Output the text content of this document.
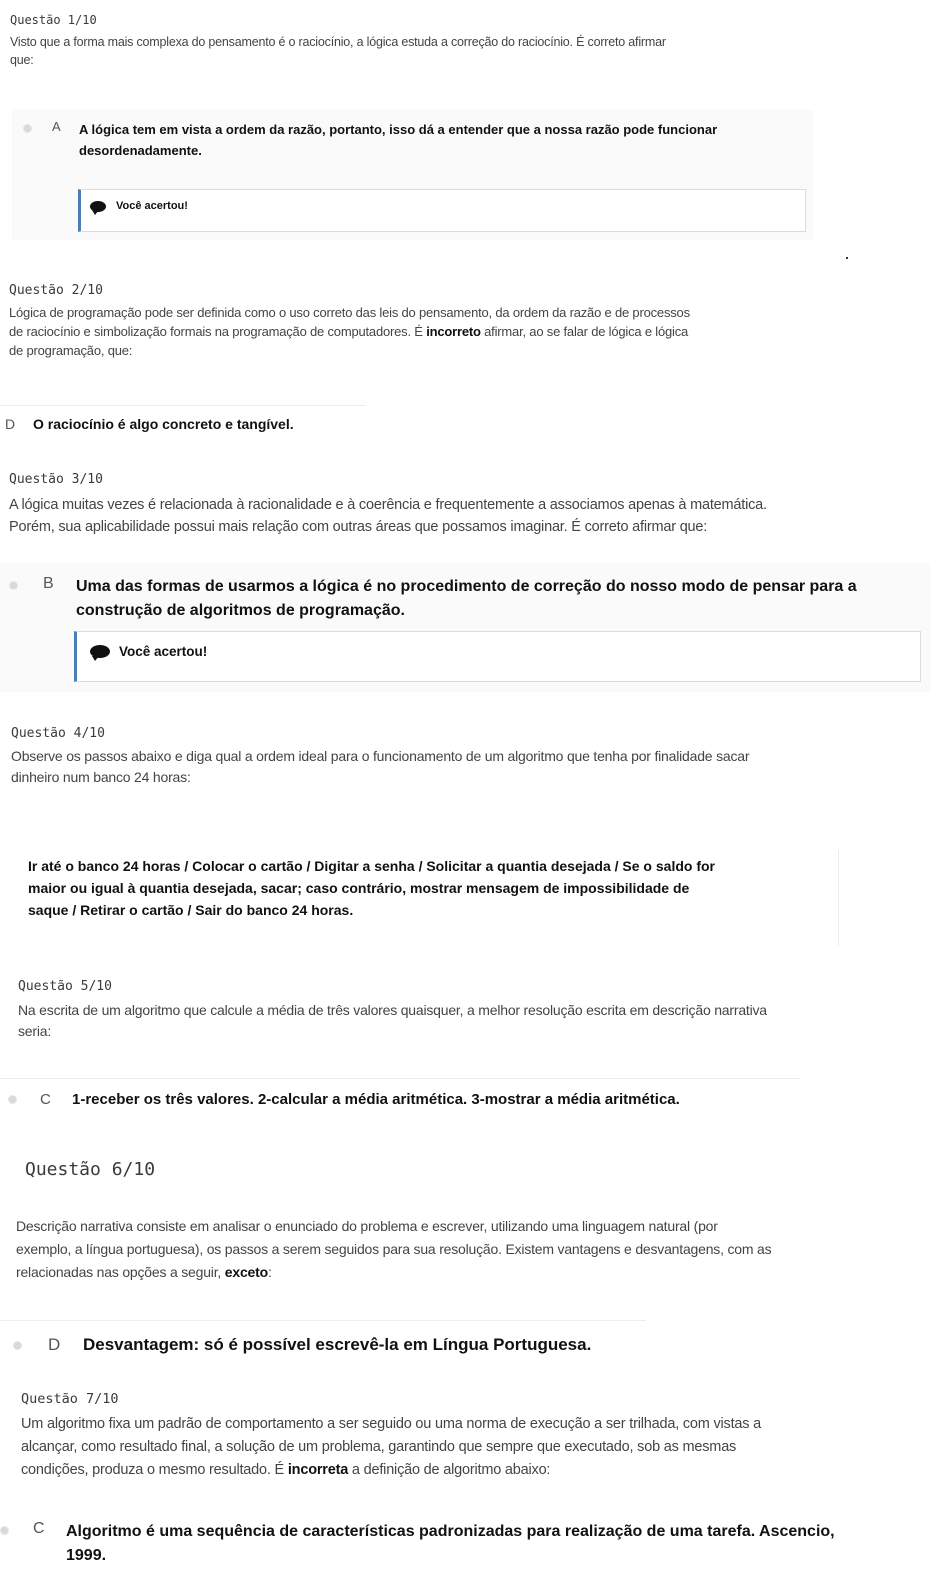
Questão 1/10
Visto que a forma mais complexa do pensamento é o raciocínio, a lógica estuda a correção do raciocínio. É correto afirmar
que:
A A lógica tem em vista a ordem da razão, portanto, isso dá a entender que a nossa razão pode funcionar
desordenadamente.
Você acertou!
Questão 2/10
Lógica de programação pode ser definida como o uso correto das leis do pensamento, da ordem da razão e de processos
de raciocínio e simbolização formais na programação de computadores. É incorreto afirmar, ao se falar de lógica e lógica
de programação, que:
D O raciocínio é algo concreto e tangível.
Questão 3/10
A lógica muitas vezes é relacionada à racionalidade e à coerência e frequentemente a associamos apenas à matemática.
Porém, sua aplicabilidade possui mais relação com outras áreas que possamos imaginar. É correto afirmar que:
B Uma das formas de usarmos a lógica é no procedimento de correção do nosso modo de pensar para a
construção de algoritmos de programação.
Você acertou!
Questão 4/10
Observe os passos abaixo e diga qual a ordem ideal para o funcionamento de um algoritmo que tenha por finalidade sacar
dinheiro num banco 24 horas:
Ir até o banco 24 horas / Colocar o cartão / Digitar a senha / Solicitar a quantia desejada / Se o saldo for
maior ou igual à quantia desejada, sacar; caso contrário, mostrar mensagem de impossibilidade de
saque / Retirar o cartão / Sair do banco 24 horas.
Questão 5/10
Na escrita de um algoritmo que calcule a média de três valores quaisquer, a melhor resolução escrita em descrição narrativa
seria:
C 1-receber os três valores. 2-calcular a média aritmética. 3-mostrar a média aritmética.
Questão 6/10
Descrição narrativa consiste em analisar o enunciado do problema e escrever, utilizando uma linguagem natural (por
exemplo, a língua portuguesa), os passos a serem seguidos para sua resolução. Existem vantagens e desvantagens, com as
relacionadas nas opções a seguir, exceto:
D Desvantagem: só é possível escrevê-la em Língua Portuguesa.
Questão 7/10
Um algoritmo fixa um padrão de comportamento a ser seguido ou uma norma de execução a ser trilhada, com vistas a
alcançar, como resultado final, a solução de um problema, garantindo que sempre que executado, sob as mesmas
condições, produza o mesmo resultado. É incorreta a definição de algoritmo abaixo:
C Algoritmo é uma sequência de características padronizadas para realização de uma tarefa. Ascencio,
1999.
